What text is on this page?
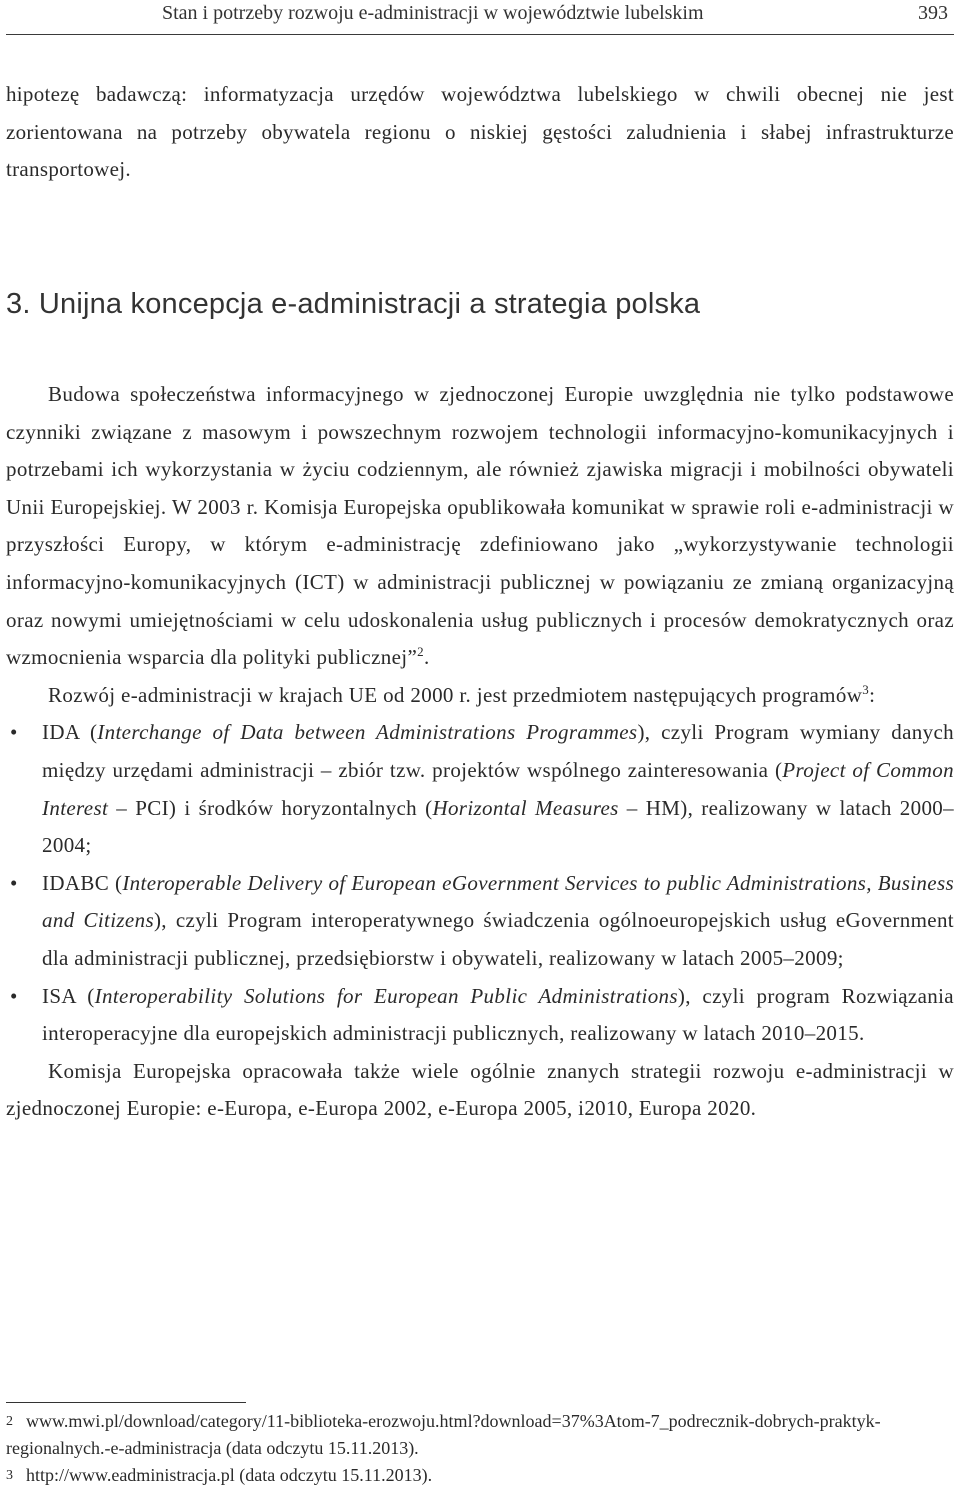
Stan i potrzeby rozwoju e-administracji w województwie lubelskim	393

hipotezę badawczą: informatyzacja urzędów województwa lubelskiego w chwili obecnej nie jest zorientowana na potrzeby obywatela regionu o niskiej gęstości zaludnienia i słabej infrastrukturze transportowej.

3. Unijna koncepcja e-administracji a strategia polska

Budowa społeczeństwa informacyjnego w zjednoczonej Europie uwzględnia nie tylko podstawowe czynniki związane z masowym i powszechnym rozwojem technologii informacyjno-komunikacyjnych i potrzebami ich wykorzystania w życiu codziennym, ale również zjawiska migracji i mobilności obywateli Unii Europejskiej. W 2003 r. Komisja Europejska opublikowała komunikat w sprawie roli e-administracji w przyszłości Europy, w którym e-administrację zdefiniowano jako „wykorzystywanie technologii informacyjno-komunikacyjnych (ICT) w administracji publicznej w powiązaniu ze zmianą organizacyjną oraz nowymi umiejętnościami w celu udoskonalenia usług publicznych i procesów demokratycznych oraz wzmocnienia wsparcia dla polityki publicznej”$^2$.

Rozwój e-administracji w krajach UE od 2000 r. jest przedmiotem następujących programów$^3$:

• IDA (Interchange of Data between Administrations Programmes), czyli Program wymiany danych między urzędami administracji – zbiór tzw. projektów wspólnego zainteresowania (Project of Common Interest – PCI) i środków horyzontalnych (Horizontal Measures – HM), realizowany w latach 2000–2004;
• IDABC (Interoperable Delivery of European eGovernment Services to public Administrations, Business and Citizens), czyli Program interoperatywnego świadczenia ogólnoeuropejskich usług eGovernment dla administracji publicznej, przedsiębiorstw i obywateli, realizowany w latach 2005–2009;
• ISA (Interoperability Solutions for European Public Administrations), czyli program Rozwiązania interoperacyjne dla europejskich administracji publicznych, realizowany w latach 2010–2015.

Komisja Europejska opracowała także wiele ogólnie znanych strategii rozwoju e-administracji w zjednoczonej Europie: e-Europa, e-Europa 2002, e-Europa 2005, i2010, Europa 2020.

2 www.mwi.pl/download/category/11-biblioteka-erozwoju.html?download=37%3Atom-7_podrecznik-dobrych-praktyk-regionalnych.-e-administracja (data odczytu 15.11.2013).

3 http://www.eadministracja.pl (data odczytu 15.11.2013).
